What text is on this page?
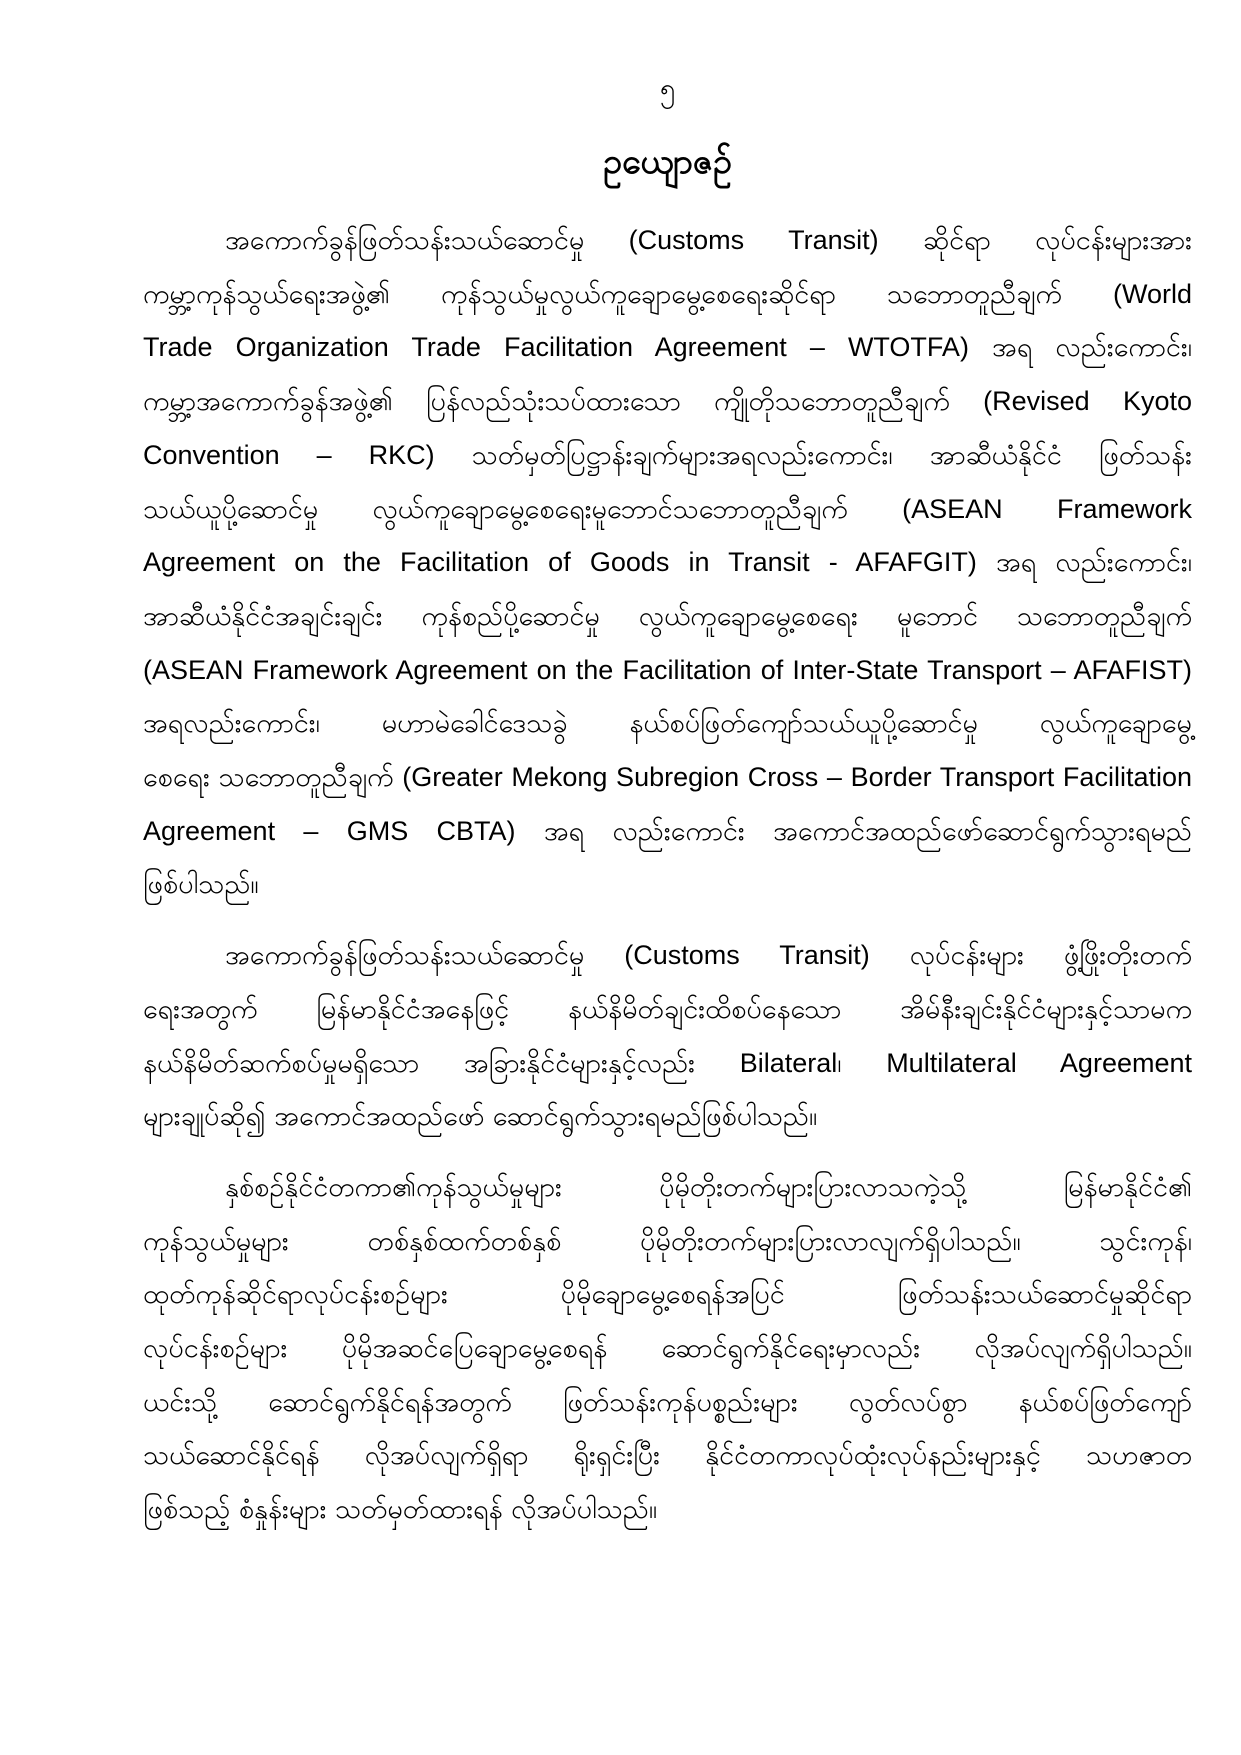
၅
ဥယျောဇဉ်
အကောက်ခွန်ဖြတ်သန်းသယ်ဆောင်မှု (Customs Transit) ဆိုင်ရာ လုပ်ငန်းများအား
ကမ္ဘာ့ကုန်သွယ်ရေးအဖွဲ့၏ ကုန်သွယ်မှုလွယ်ကူချောမွေ့စေရေးဆိုင်ရာ သဘောတူညီချက် (World
Trade Organization Trade Facilitation Agreement – WTOTFA) အရ လည်းကောင်း၊
ကမ္ဘာ့အကောက်ခွန်အဖွဲ့၏ ပြန်လည်သုံးသပ်ထားသော ကျိုတိုသဘောတူညီချက် (Revised Kyoto
Convention – RKC) သတ်မှတ်ပြဋ္ဌာန်းချက်များအရလည်းကောင်း၊ အာဆီယံနိုင်ငံ ဖြတ်သန်း
သယ်ယူပို့ဆောင်မှု လွယ်ကူချောမွေ့စေရေးမူဘောင်သဘောတူညီချက် (ASEAN Framework
Agreement on the Facilitation of Goods in Transit - AFAFGIT) အရ လည်းကောင်း၊
အာဆီယံနိုင်ငံအချင်းချင်း ကုန်စည်ပို့ဆောင်မှု လွယ်ကူချောမွေ့စေရေး မူဘောင် သဘောတူညီချက်
(ASEAN Framework Agreement on the Facilitation of Inter-State Transport – AFAFIST)
အရလည်းကောင်း၊ မဟာမဲခေါင်ဒေသခွဲ နယ်စပ်ဖြတ်ကျော်သယ်ယူပို့ဆောင်မှု လွယ်ကူချောမွေ့
စေရေး သဘောတူညီချက် (Greater Mekong Subregion Cross – Border Transport Facilitation
Agreement – GMS CBTA) အရ လည်းကောင်း အကောင်အထည်ဖော်ဆောင်ရွက်သွားရမည်
ဖြစ်ပါသည်။
အကောက်ခွန်ဖြတ်သန်းသယ်ဆောင်မှု (Customs Transit) လုပ်ငန်းများ ဖွံ့ဖြိုးတိုးတက်
ရေးအတွက် မြန်မာနိုင်ငံအနေဖြင့် နယ်နိမိတ်ချင်းထိစပ်နေသော အိမ်နီးချင်းနိုင်ငံများနှင့်သာမက
နယ်နိမိတ်ဆက်စပ်မှုမရှိသော အခြားနိုင်ငံများနှင့်လည်း Bilateral၊ Multilateral Agreement
များချုပ်ဆို၍ အကောင်အထည်ဖော် ဆောင်ရွက်သွားရမည်ဖြစ်ပါသည်။
နှစ်စဉ်နိုင်ငံတကာ၏ကုန်သွယ်မှုများ ပိုမိုတိုးတက်များပြားလာသကဲ့သို့ မြန်မာနိုင်ငံ၏
ကုန်သွယ်မှုများ တစ်နှစ်ထက်တစ်နှစ် ပိုမိုတိုးတက်များပြားလာလျက်ရှိပါသည်။ သွင်းကုန်၊
ထုတ်ကုန်ဆိုင်ရာလုပ်ငန်းစဉ်များ ပိုမိုချောမွေ့စေရန်အပြင် ဖြတ်သန်းသယ်ဆောင်မှုဆိုင်ရာ
လုပ်ငန်းစဉ်များ ပိုမိုအဆင်ပြေချောမွေ့စေရန် ဆောင်ရွက်နိုင်ရေးမှာလည်း လိုအပ်လျက်ရှိပါသည်။
ယင်းသို့ ဆောင်ရွက်နိုင်ရန်အတွက် ဖြတ်သန်းကုန်ပစ္စည်းများ လွတ်လပ်စွာ နယ်စပ်ဖြတ်ကျော်
သယ်ဆောင်နိုင်ရန် လိုအပ်လျက်ရှိရာ ရိုးရှင်းပြီး နိုင်ငံတကာလုပ်ထုံးလုပ်နည်းများနှင့် သဟဇာတ
ဖြစ်သည့် စံနှုန်းများ သတ်မှတ်ထားရန် လိုအပ်ပါသည်။
